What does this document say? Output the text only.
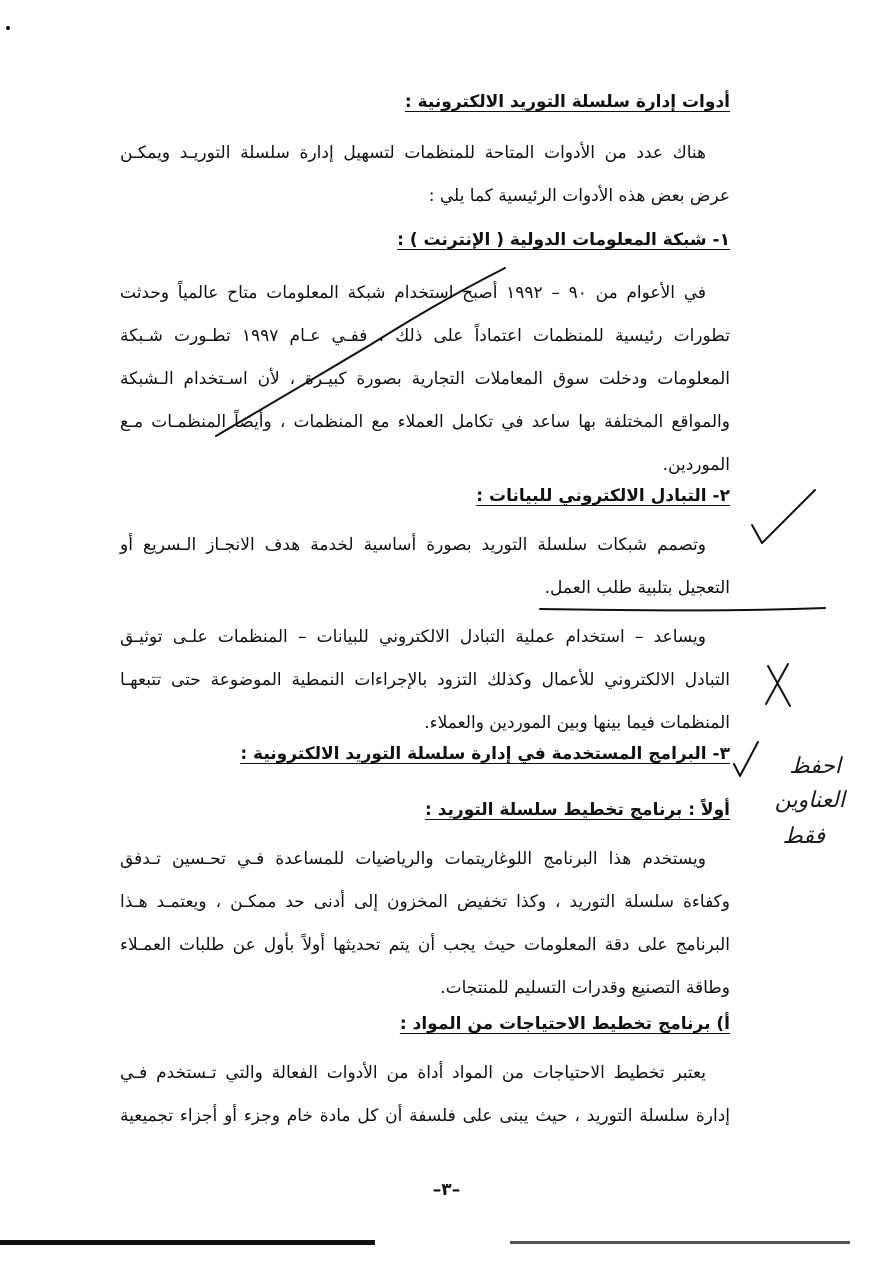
أدوات إدارة سلسلة التوريد الالكترونية :
هناك عدد من الأدوات المتاحة للمنظمات لتسهيل إدارة سلسلة التوريـد ويمكـن
عرض بعض هذه الأدوات الرئيسية كما يلي :
١- شبكة المعلومات الدولية ( الإنترنت ) :
في الأعوام من ٩٠ – ١٩٩٢ أصبح استخدام شبكة المعلومات متاح عالمياً وحدثت
تطورات رئيسية للمنظمات اعتماداً على ذلك ، ففـي عـام ١٩٩٧ تطـورت شـبكة
المعلومات ودخلت سوق المعاملات التجارية بصورة كبيـرة ، لأن اسـتخدام الـشبكة
والمواقع المختلفة بها ساعد في تكامل العملاء مع المنظمات ، وأيضاً المنظمـات مـع
الموردين.
٢- التبادل الالكتروني للبيانات :
وتصمم شبكات سلسلة التوريد بصورة أساسية لخدمة هدف الانجـاز الـسريع أو
التعجيل بتلبية طلب العمل.
ويساعد – استخدام عملية التبادل الالكتروني للبيانات – المنظمات علـى توثيـق
التبادل الالكتروني للأعمال وكذلك التزود بالإجراءات النمطية الموضوعة حتى تتبعهـا
المنظمات فيما بينها وبين الموردين والعملاء.
٣- البرامج المستخدمة في إدارة سلسلة التوريد الالكترونية :
أولاً : برنامج تخطيط سلسلة التوريد :
ويستخدم هذا البرنامج اللوغاريتمات والرياضيات للمساعدة فـي تحـسين تـدفق
وكفاءة سلسلة التوريد ، وكذا تخفيض المخزون إلى أدنى حد ممكـن ، ويعتمـد هـذا
البرنامج على دقة المعلومات حيث يجب أن يتم تحديثها أولاً بأول عن طلبات العمـلاء
وطاقة التصنيع وقدرات التسليم للمنتجات.
أ) برنامج تخطيط الاحتياجات من المواد :
يعتبر تخطيط الاحتياجات من المواد أداة من الأدوات الفعالة والتي تـستخدم فـي
إدارة سلسلة التوريد ، حيث يبنى على فلسفة أن كل مادة خام وجزء أو أجزاء تجميعية
–٣–
احفظ
العناوين
فقط
